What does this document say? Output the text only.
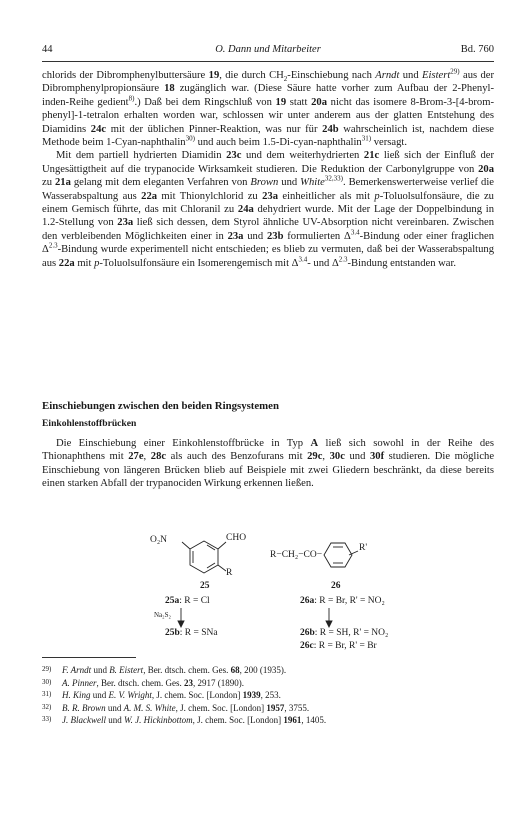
44	O. Dann und Mitarbeiter	Bd. 760

chlorids der Dibromphenylbuttersäure 19, die durch $CH_2$-Einschiebung nach Arndt und Eistert$^{29)}$ aus der Dibromphenylpropionsäure 18 zugänglich war. (Diese Säure hatte vorher zum Aufbau der 2-Phenyl-inden-Reihe gedient$^{8)}$.) Daß bei dem Ringschluß von 19 statt 20a nicht das isomere 8-Brom-3-[4-brom-phenyl]-1-tetralon erhalten worden war, schlossen wir unter anderem aus der glatten Entstehung des Diamidins 24c mit der üblichen Pinner-Reaktion, was nur für 24b wahrscheinlich ist, nachdem diese Methode beim 1-Cyan-naphthalin$^{30)}$ und auch beim 1.5-Di-cyan-naphthalin$^{31)}$ versagt.

Mit dem partiell hydrierten Diamidin 23c und dem weiterhydrierten 21c ließ sich der Einfluß der Ungesättigtheit auf die trypanocide Wirksamkeit studieren. Die Reduktion der Carbonylgruppe von 20a zu 21a gelang mit dem eleganten Verfahren von Brown und White$^{32,33)}$. Bemerkenswerterweise verlief die Wasserabspaltung aus 22a mit Thionylchlorid zu 23a einheitlicher als mit p-Toluolsulfonsäure, die zu einem Gemisch führte, das mit Chloranil zu 24a dehydriert wurde. Mit der Lage der Doppelbindung in 1.2-Stellung von 23a ließ sich dessen, dem Styrol ähnliche UV-Absorption nicht vereinbaren. Zwischen den verbleibenden Möglichkeiten einer in 23a und 23b formulierten $\Delta^{3.4}$-Bindung oder einer fraglichen $\Delta^{2.3}$-Bindung wurde experimentell nicht entschieden; es blieb zu vermuten, daß bei der Wasserabspaltung aus 22a mit p-Toluolsulfonsäure ein Isomerengemisch mit $\Delta^{3.4}-$ und $\Delta^{2.3}$-Bindung entstanden war.

Einschiebungen zwischen den beiden Ringsystemen
Einkohlenstoffbrücken

Die Einschiebung einer Einkohlenstoffbrücke in Typ A ließ sich sowohl in der Reihe des Thionaphthens mit 27e, 28c als auch des Benzofurans mit 29c, 30c und 30f studieren. Die mögliche Einschiebung von längeren Brücken blieb auf Beispiele mit zwei Gliedern beschränkt, da diese bereits einen starken Abfall der trypanociden Wirkung erkennen ließen.

O₂N	CHO
R
25
R−CH₂−CO−
R'
26
25a: R = Cl
Na₂S₂
25b: R = SNa
26a: R = Br, R' = NO₂
26b: R = SH, R' = NO₂
26c: R = Br, R' = Br
29) F. Arndt und B. Eistert, Ber. dtsch. chem. Ges. 68, 200 (1935).
30) A. Pinner, Ber. dtsch. chem. Ges. 23, 2917 (1890).
31) H. King und E. V. Wright, J. chem. Soc. [London] 1939, 253.
32) B. R. Brown und A. M. S. White, J. chem. Soc. [London] 1957, 3755.
33) J. Blackwell und W. J. Hickinbottom, J. chem. Soc. [London] 1961, 1405.
